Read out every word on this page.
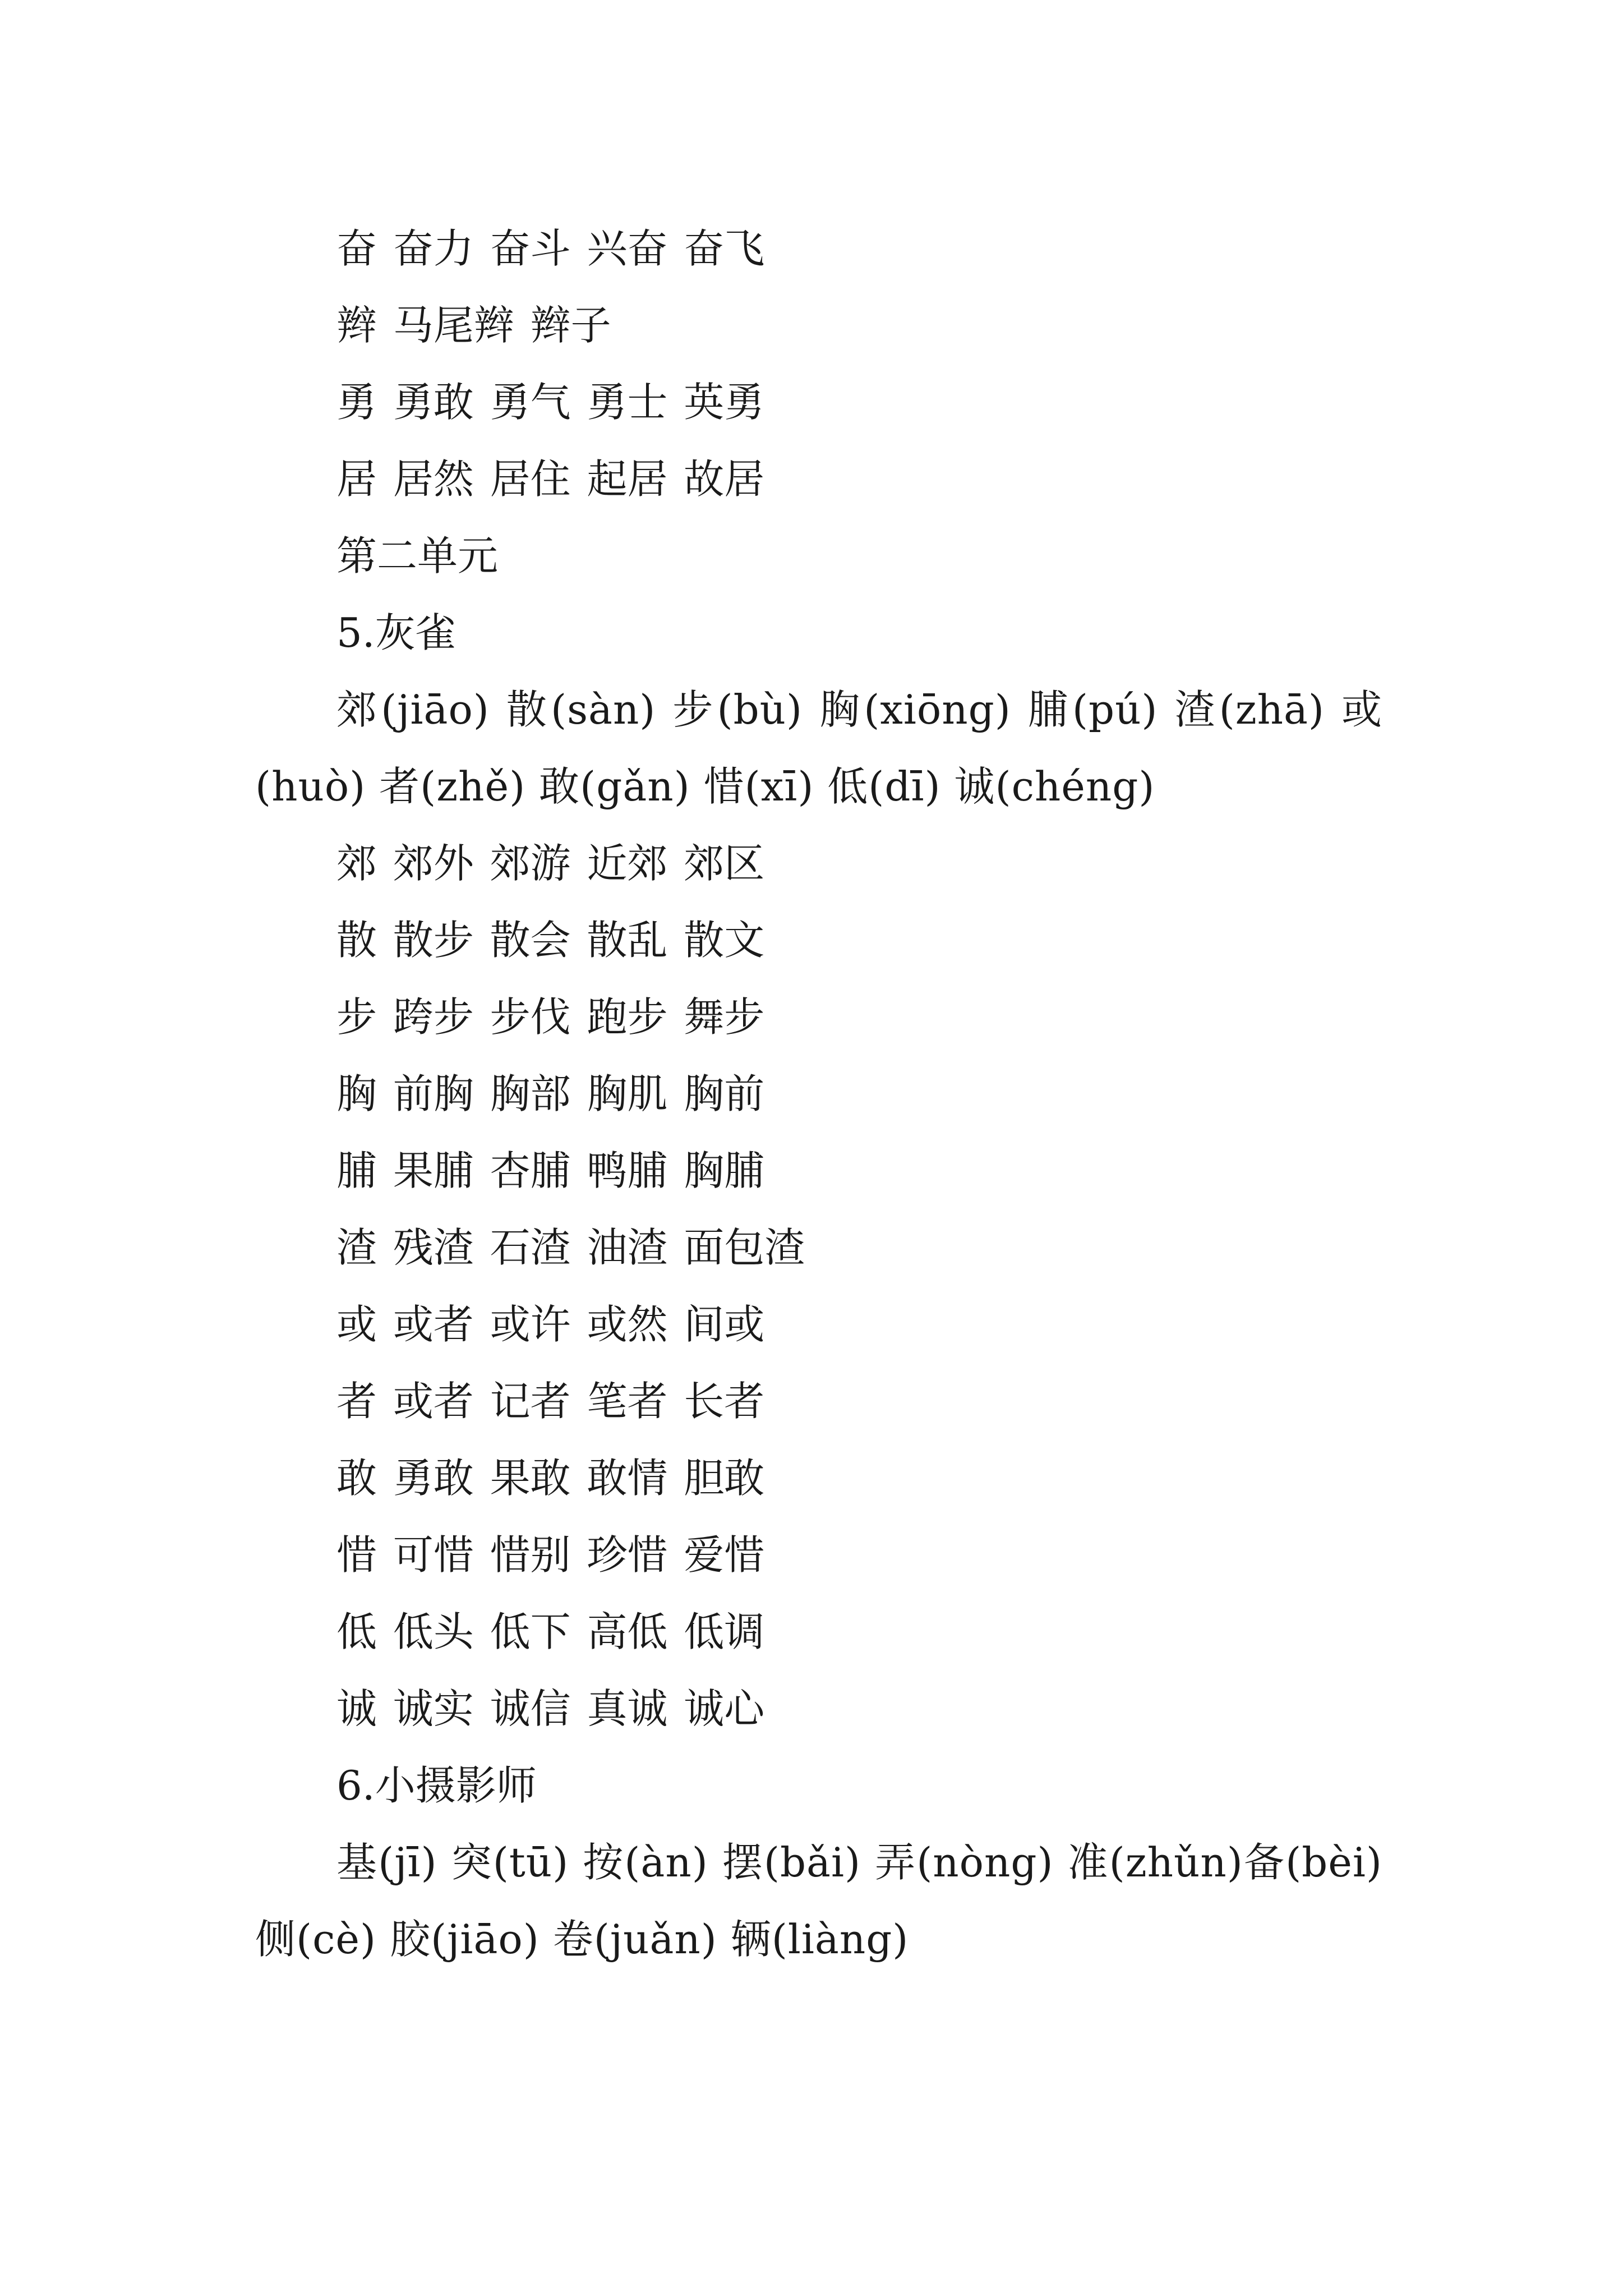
奋 奋力 奋斗 兴奋 奋飞
辫 马尾辫 辫子
勇 勇敢 勇气 勇士 英勇
居 居然 居住 起居 故居
第二单元
5.灰雀
郊(jiāo) 散(sàn) 步(bù) 胸(xiōng) 脯(pú) 渣(zhā) 或(huò) 者(zhě) 敢(gǎn) 惜(xī) 低(dī) 诚(chéng)
郊 郊外 郊游 近郊 郊区
散 散步 散会 散乱 散文
步 跨步 步伐 跑步 舞步
胸 前胸 胸部 胸肌 胸前
脯 果脯 杏脯 鸭脯 胸脯
渣 残渣 石渣 油渣 面包渣
或 或者 或许 或然 间或
者 或者 记者 笔者 长者
敢 勇敢 果敢 敢情 胆敢
惜 可惜 惜别 珍惜 爱惜
低 低头 低下 高低 低调
诚 诚实 诚信 真诚 诚心
6.小摄影师
基(jī) 突(tū) 按(àn) 摆(bǎi) 弄(nòng) 准(zhǔn)备(bèi)侧(cè) 胶(jiāo) 卷(juǎn) 辆(liàng)
